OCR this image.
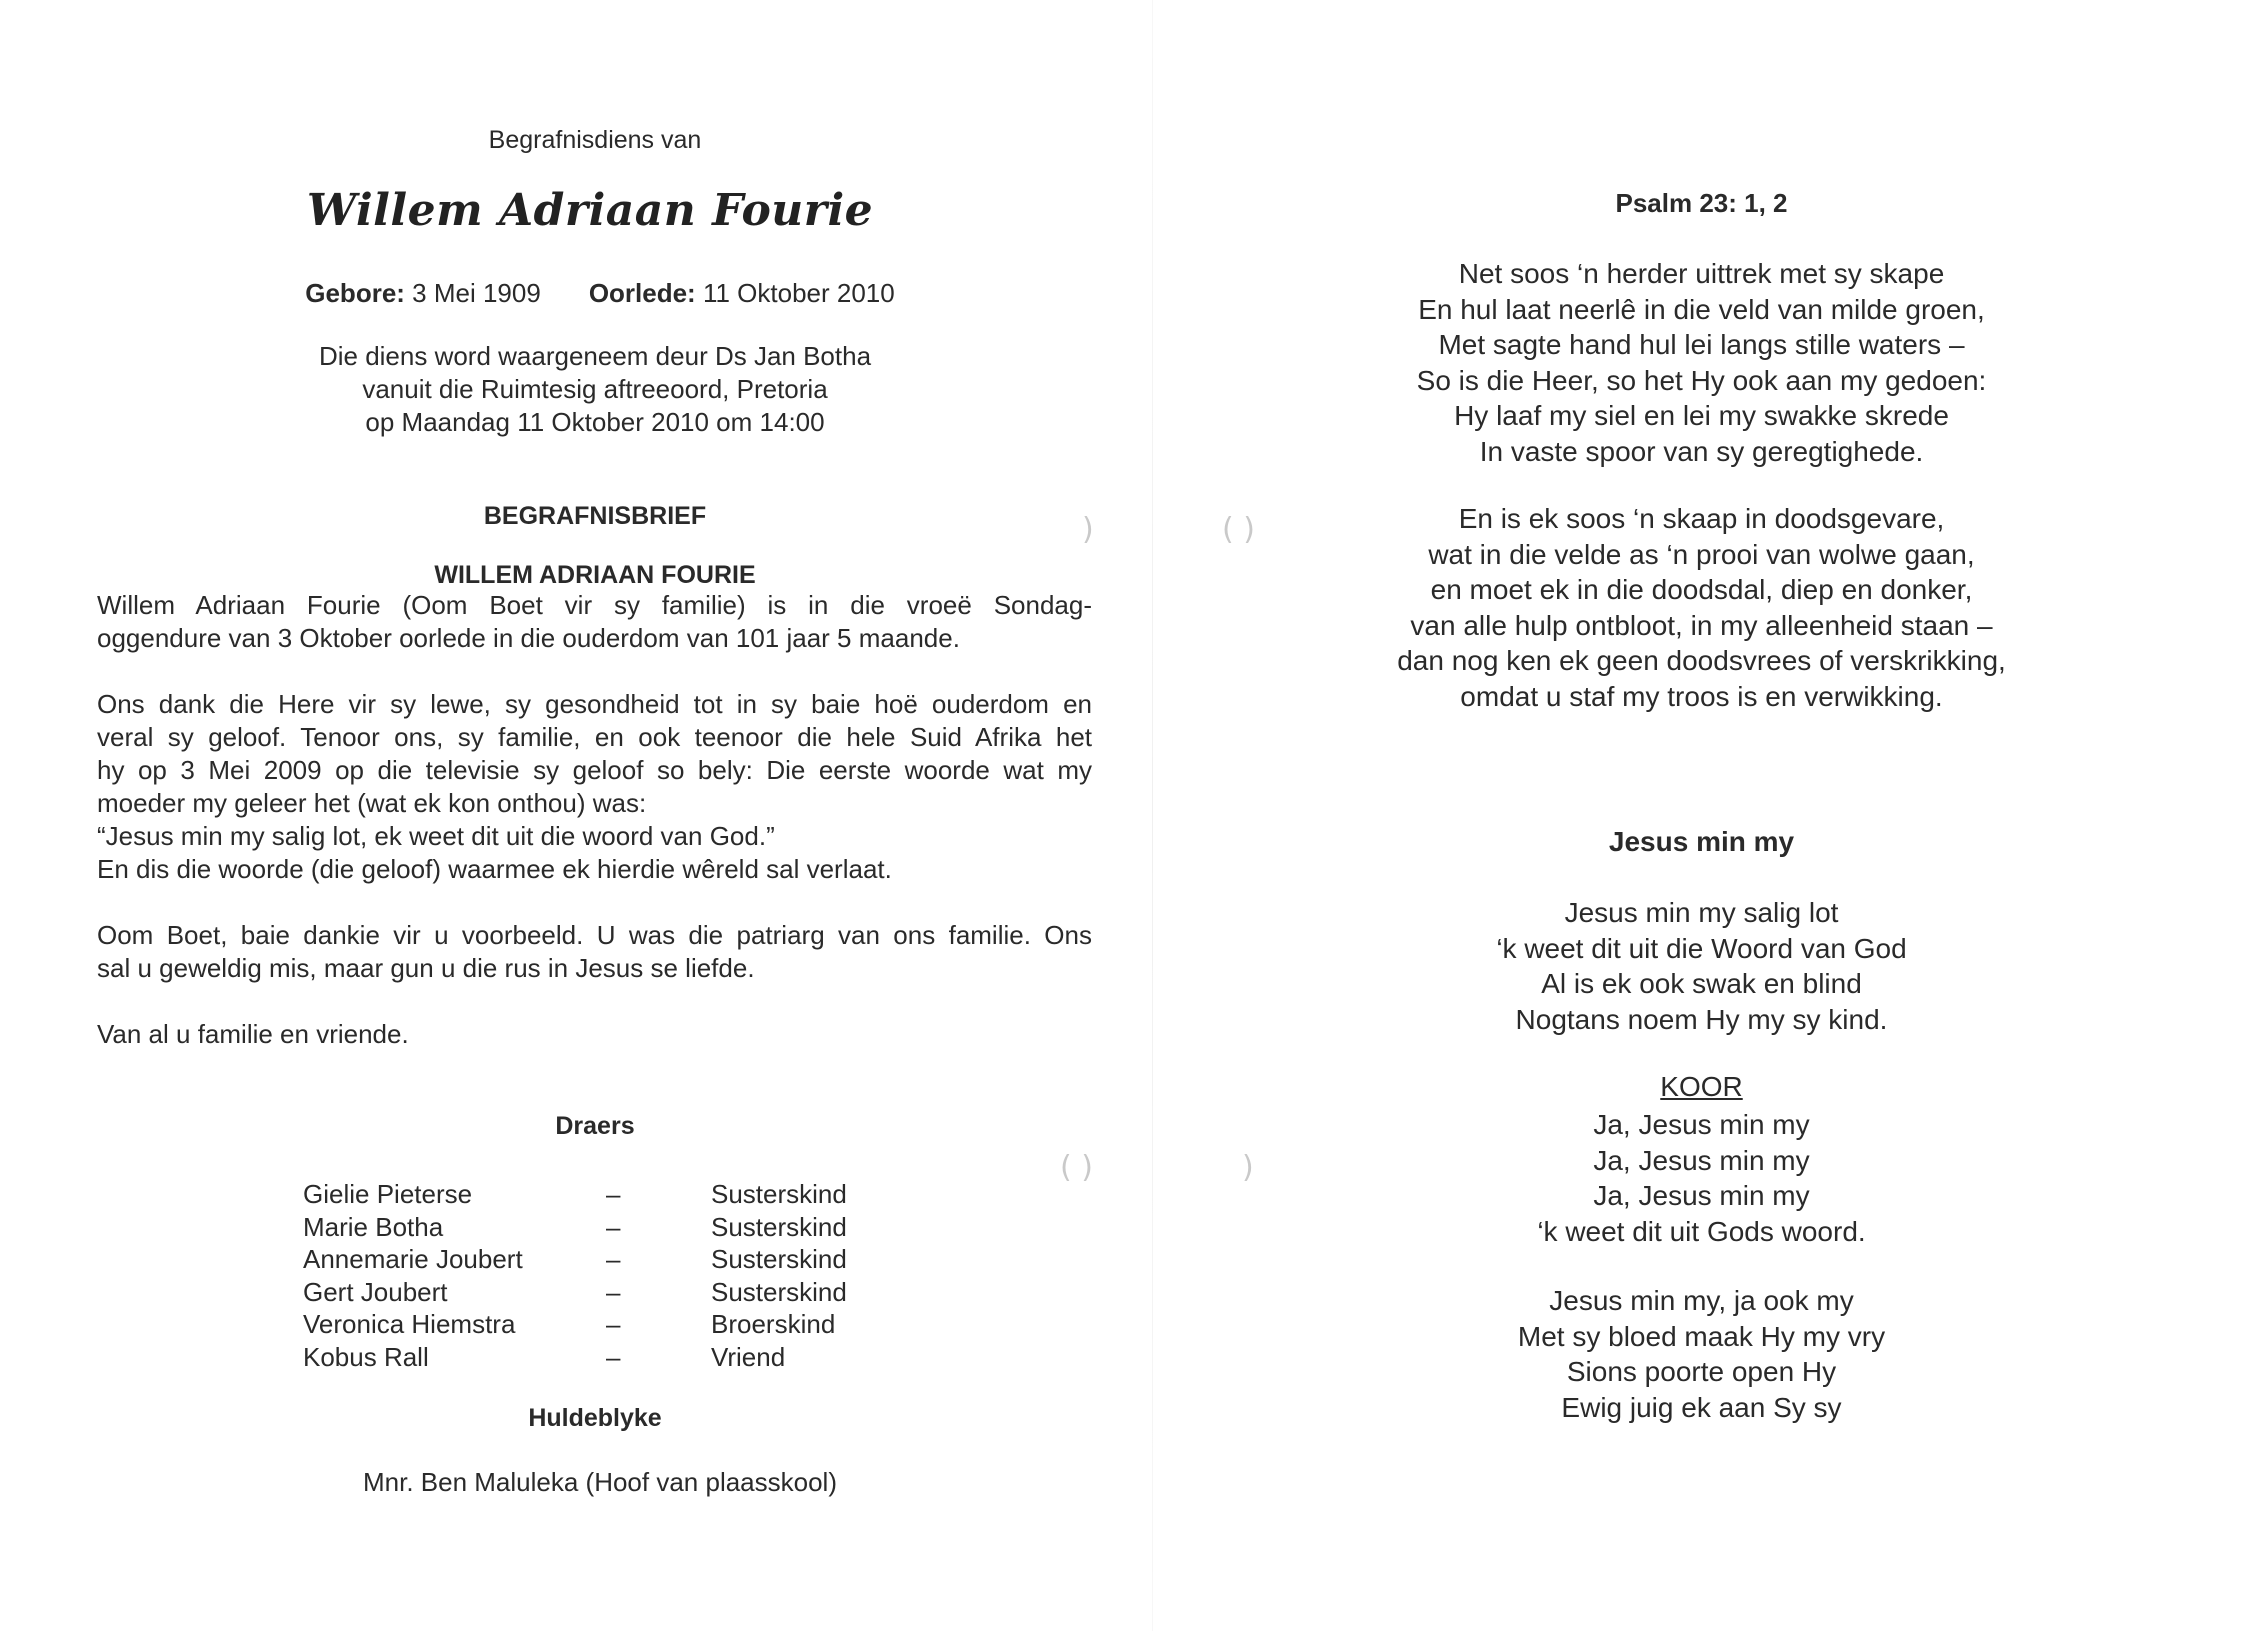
Begrafnisdiens van
Willem Adriaan Fourie
Gebore: 3 Mei 1909 Oorlede: 11 Oktober 2010
Die diens word waargeneem deur Ds Jan Botha
vanuit die Ruimtesig aftreeoord, Pretoria
op Maandag 11 Oktober 2010 om 14:00
BEGRAFNISBRIEF
WILLEM ADRIAAN FOURIE

Willem Adriaan Fourie (Oom Boet vir sy familie) is in die vroeë Sondag-
oggendure van 3 Oktober oorlede in die ouderdom van 101 jaar 5 maande.

Ons dank die Here vir sy lewe, sy gesondheid tot in sy baie hoë ouderdom en
veral sy geloof. Tenoor ons, sy familie, en ook teenoor die hele Suid Afrika het
hy op 3 Mei 2009 op die televisie sy geloof so bely: Die eerste woorde wat my
moeder my geleer het (wat ek kon onthou) was:
“Jesus min my salig lot, ek weet dit uit die woord van God.”
En dis die woorde (die geloof) waarmee ek hierdie wêreld sal verlaat.

Oom Boet, baie dankie vir u voorbeeld. U was die patriarg van ons familie. Ons
sal u geweldig mis, maar gun u die rus in Jesus se liefde.

Van al u familie en vriende.

Draers
Gielie Pieterse	–	Susterskind
Marie Botha	–	Susterskind
Annemarie Joubert	–	Susterskind
Gert Joubert	–	Susterskind
Veronica Hiemstra	–	Broerskind
Kobus Rall	–	Vriend
Huldeblyke
Mnr. Ben Maluleka (Hoof van plaasskool)
)
( )
Psalm 23: 1, 2
Net soos ‘n herder uittrek met sy skape
En hul laat neerlê in die veld van milde groen,
Met sagte hand hul lei langs stille waters –
So is die Heer, so het Hy ook aan my gedoen:
Hy laaf my siel en lei my swakke skrede
In vaste spoor van sy geregtighede.
En is ek soos ‘n skaap in doodsgevare,
wat in die velde as ‘n prooi van wolwe gaan,
en moet ek in die doodsdal, diep en donker,
van alle hulp ontbloot, in my alleenheid staan –
dan nog ken ek geen doodsvrees of verskrikking,
omdat u staf my troos is en verwikking.
Jesus min my
Jesus min my salig lot
‘k weet dit uit die Woord van God
Al is ek ook swak en blind
Nogtans noem Hy my sy kind.
KOOR
Ja, Jesus min my
Ja, Jesus min my
Ja, Jesus min my
‘k weet dit uit Gods woord.
Jesus min my, ja ook my
Met sy bloed maak Hy my vry
Sions poorte open Hy
Ewig juig ek aan Sy sy
( )
)
